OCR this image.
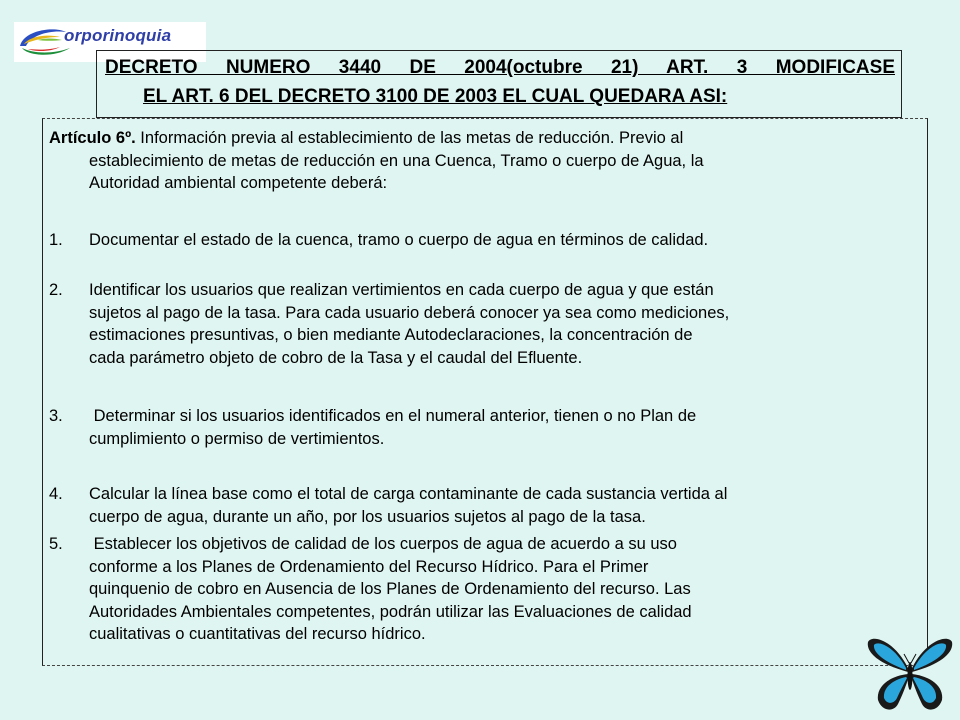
orporinoquia
DECRETO NUMERO 3440 DE 2004(octubre 21) ART. 3 MODIFICASE
EL ART. 6 DEL DECRETO 3100 DE 2003 EL CUAL QUEDARA ASI:
Artículo 6º. Información previa al establecimiento de las metas de reducción. Previo al
establecimiento de metas de reducción en una Cuenca, Tramo o cuerpo de Agua, la
Autoridad ambiental competente deberá:
1. Documentar el estado de la cuenca, tramo o cuerpo de agua en términos de calidad.
2. Identificar los usuarios que realizan vertimientos en cada cuerpo de agua y que están
sujetos al pago de la tasa. Para cada usuario deberá conocer ya sea como mediciones,
estimaciones presuntivas, o bien mediante Autodeclaraciones, la concentración de
cada parámetro objeto de cobro de la Tasa y el caudal del Efluente.
3. Determinar si los usuarios identificados en el numeral anterior, tienen o no Plan de
cumplimiento o permiso de vertimientos.
4. Calcular la línea base como el total de carga contaminante de cada sustancia vertida al
cuerpo de agua, durante un año, por los usuarios sujetos al pago de la tasa.
5. Establecer los objetivos de calidad de los cuerpos de agua de acuerdo a su uso
conforme a los Planes de Ordenamiento del Recurso Hídrico. Para el Primer
quinquenio de cobro en Ausencia de los Planes de Ordenamiento del recurso. Las
Autoridades Ambientales competentes, podrán utilizar las Evaluaciones de calidad
cualitativas o cuantitativas del recurso hídrico.
